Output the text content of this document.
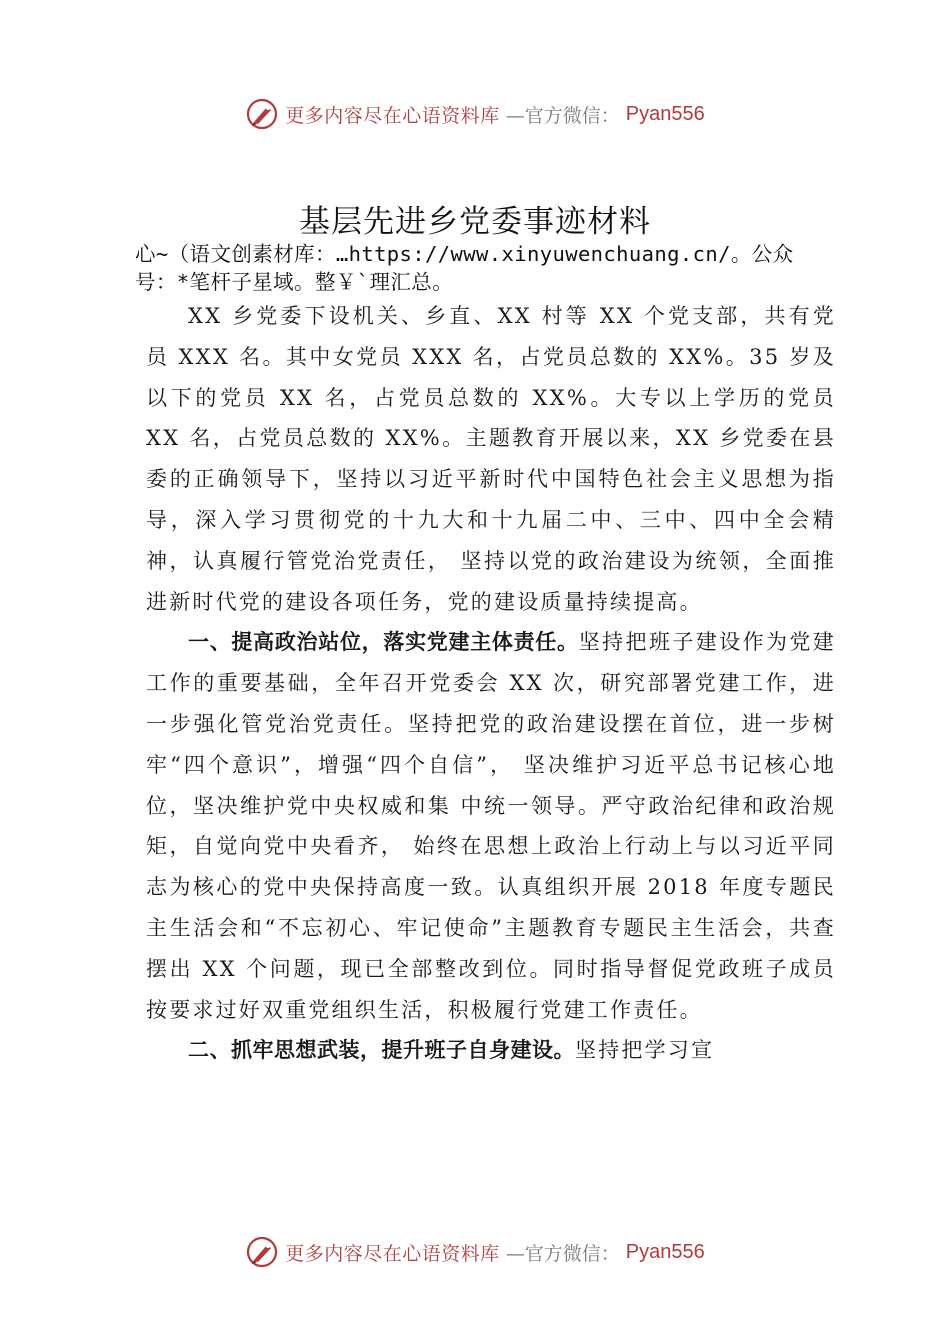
更多内容尽在心语资料库 —官方微信： Pyan556
基层先进乡党委事迹材料
心~（语文创素材库：…https://www.xinyuwenchuang.cn/。公众号：*笔杆子星域。整￥`理汇总。

XX 乡党委下设机关、乡直、XX 村等 XX 个党支部，共有党员 XXX 名。其中女党员 XXX 名，占党员总数的 XX%。35 岁及以下的党员 XX 名，占党员总数的 XX%。大专以上学历的党员 XX 名，占党员总数的 XX%。主题教育开展以来，XX 乡党委在县委的正确领导下，坚持以习近平新时代中国特色社会主义思想为指导，深入学习贯彻党的十九大和十九届二中、三中、四中全会精神，认真履行管党治党责任， 坚持以党的政治建设为统领，全面推进新时代党的建设各项任务，党的建设质量持续提高。

一、提高政治站位，落实党建主体责任。坚持把班子建设作为党建工作的重要基础，全年召开党委会 XX 次，研究部署党建工作，进一步强化管党治党责任。坚持把党的政治建设摆在首位，进一步树牢“四个意识”，增强“四个自信”， 坚决维护习近平总书记核心地位，坚决维护党中央权威和集 中统一领导。严守政治纪律和政治规矩，自觉向党中央看齐， 始终在思想上政治上行动上与以习近平同志为核心的党中央保持高度一致。认真组织开展 2018 年度专题民主生活会和“不忘初心、牢记使命”主题教育专题民主生活会，共查摆出 XX 个问题，现已全部整改到位。同时指导督促党政班子成员按要求过好双重党组织生活，积极履行党建工作责任。

二、抓牢思想武装，提升班子自身建设。坚持把学习宣

更多内容尽在心语资料库 —官方微信： Pyan556
